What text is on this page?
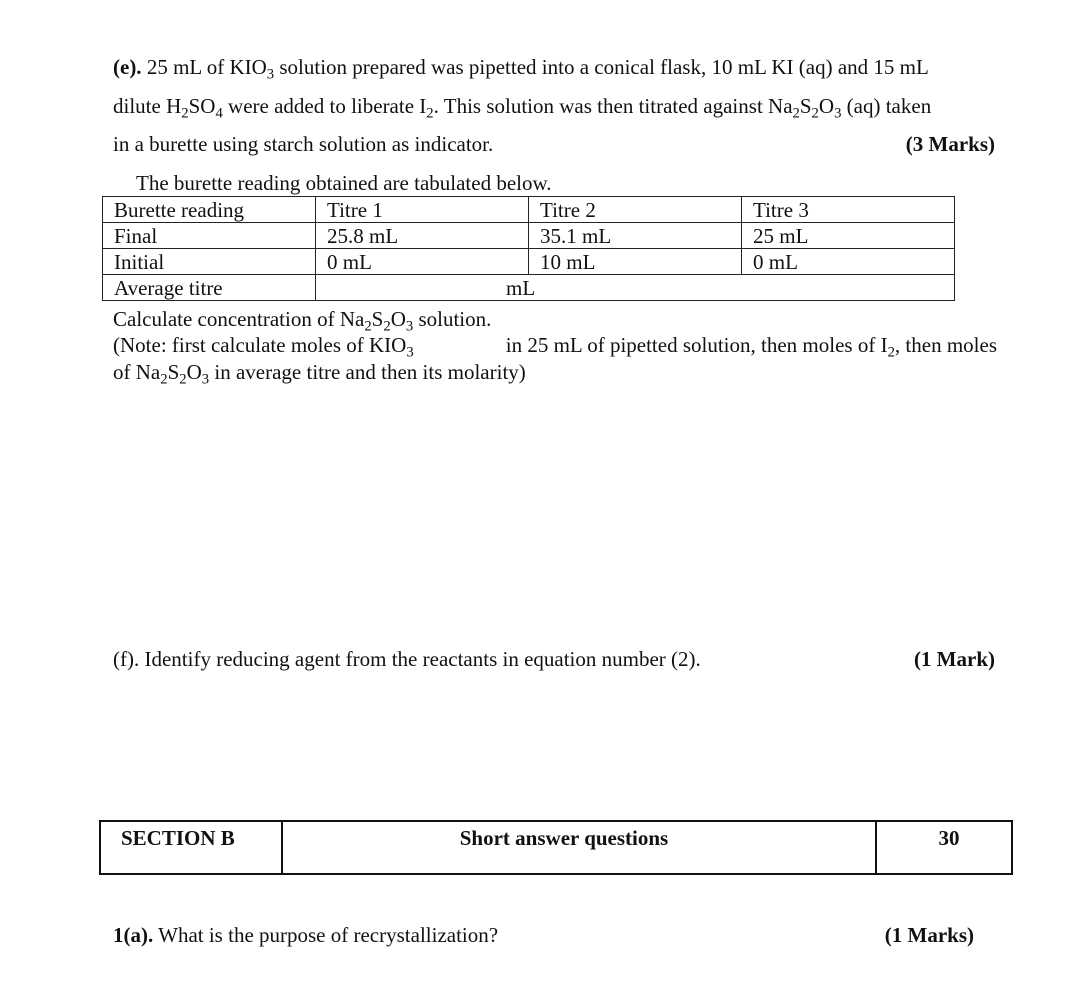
(e). 25 mL of $KIO_3$ solution prepared was pipetted into a conical flask, 10 mL KI (aq) and 15 mL
dilute $H_2SO_4$ were added to liberate $I_2$. This solution was then titrated against $Na_2S_2O_3$ (aq) taken
in a burette using starch solution as indicator.	(3 Marks)
The burette reading obtained are tabulated below.
Burette reading	Titre 1	Titre 2	Titre 3
Final	25.8 mL	35.1 mL	25 mL
Initial	0 mL	10 mL	0 mL
Average titre	mL		
Calculate concentration of $Na_2S_2O_3$ solution.
(Note: first calculate moles of $KIO_3$	in 25 mL of pipetted solution, then moles of $I_2$, then moles
of $Na_2S_2O_3$ in average titre and then its molarity)
(f). Identify reducing agent from the reactants in equation number (2).	(1 Mark)
SECTION B	Short answer questions	30
1(a). What is the purpose of recrystallization?	(1 Marks)
